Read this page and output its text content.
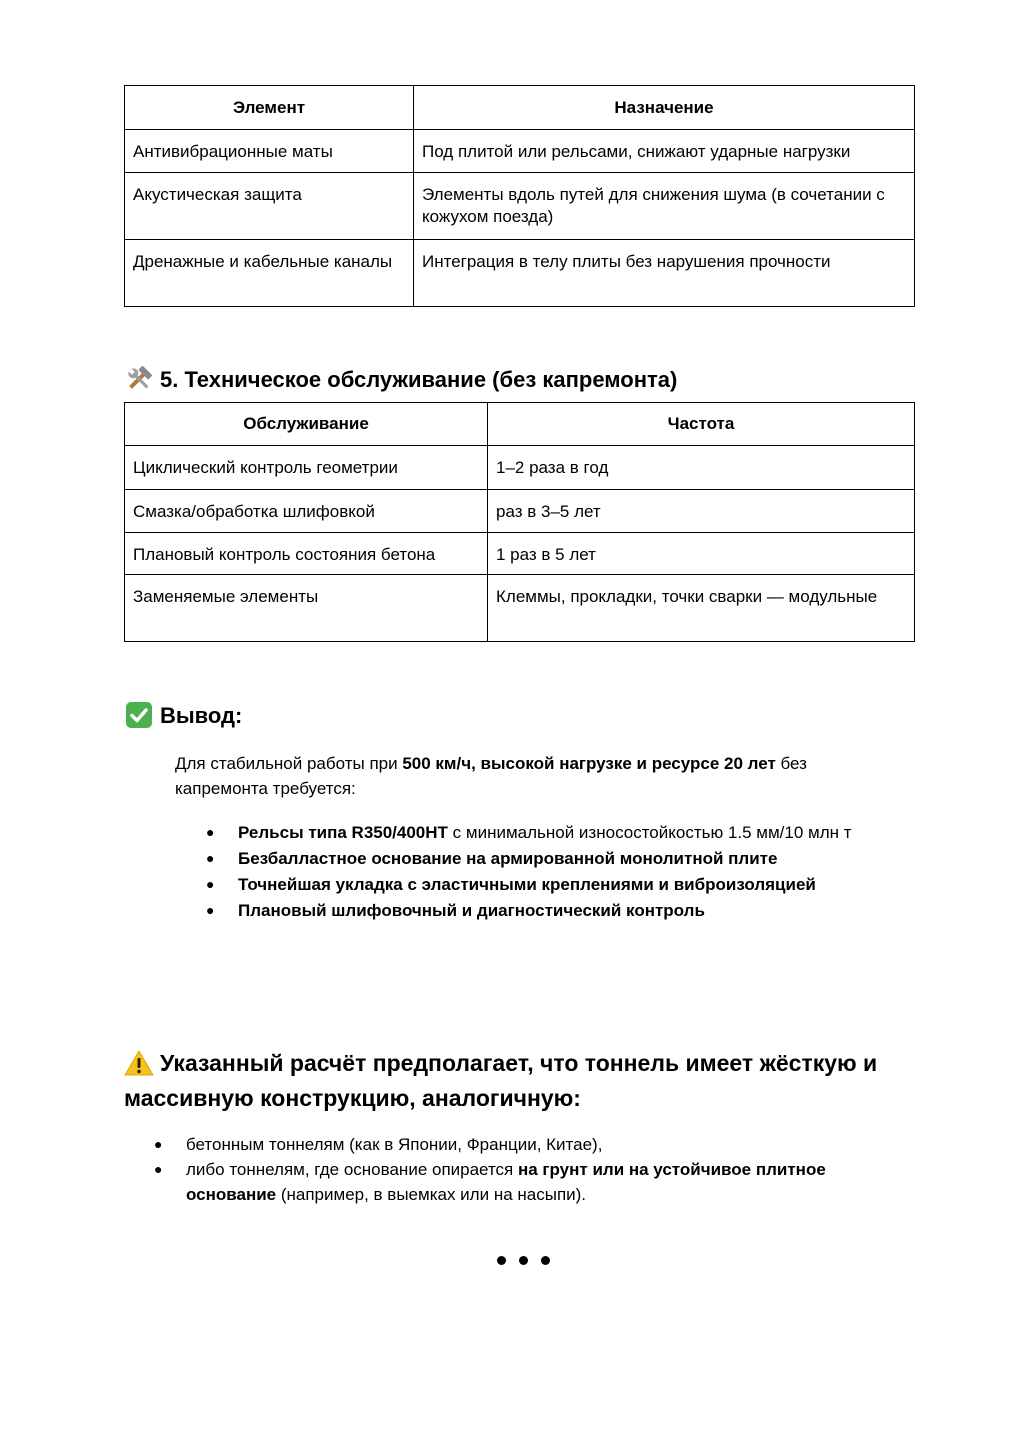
Элемент	Назначение
Антивибрационные маты	Под плитой или рельсами, снижают ударные нагрузки
Акустическая защита	Элементы вдоль путей для снижения шума (в сочетании с кожухом поезда)
Дренажные и кабельные каналы	Интеграция в телу плиты без нарушения прочности
5. Техническое обслуживание (без капремонта)
Обслуживание	Частота
Циклический контроль геометрии	1–2 раза в год
Смазка/обработка шлифовкой	раз в 3–5 лет
Плановый контроль состояния бетона	1 раз в 5 лет
Заменяемые элементы	Клеммы, прокладки, точки сварки — модульные
Вывод:

Для стабильной работы при 500 км/ч, высокой нагрузке и ресурсе 20 лет без капремонта требуется:

● Рельсы типа R350/400HT с минимальной износостойкостью 1.5 мм/10 млн т
● Безбалластное основание на армированной монолитной плите
● Точнейшая укладка с эластичными креплениями и виброизоляцией
● Плановый шлифовочный и диагностический контроль
Указанный расчёт предполагает, что тоннель имеет жёсткую и массивную конструкцию, аналогичную:
● бетонным тоннелям (как в Японии, Франции, Китае),
● либо тоннелям, где основание опирается на грунт или на устойчивое плитное основание (например, в выемках или на насыпи).
